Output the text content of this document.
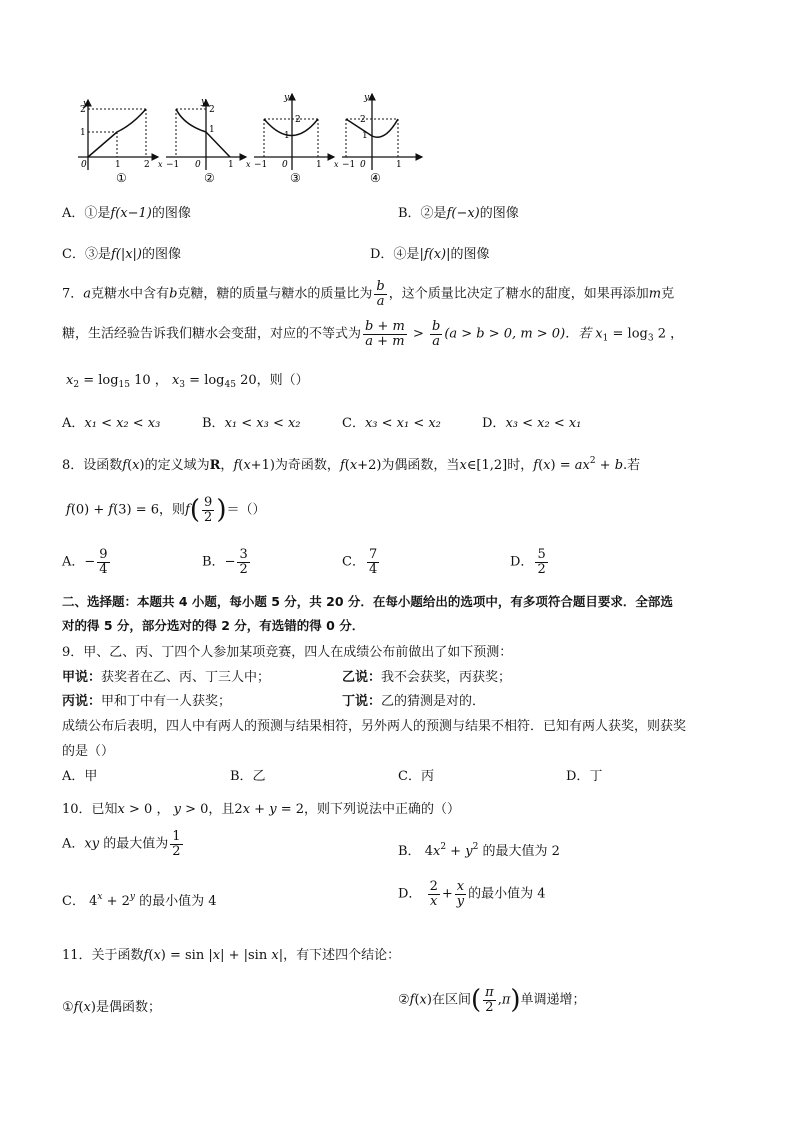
y
2
1
0	1	2
①
y
2
1
x −1 0	1
②
y
2
1
x −1 0	1
③
y
2
1
x −1 0	1
④
A．①是f(x−1)的图像	B．②是f(−x)的图像
C．③是f(|x|)的图像	D．④是|f(x)|的图像
7．a克糖水中含有b克糖，糖的质量与糖水的质量比为 $\frac{b}{a}$ ，这个质量比决定了糖水的甜度，如果再添加m克
糖，生活经验告诉我们糖水会变甜，对应的不等式为 $\frac{b + m}{a + m} > \frac{b}{a} (a > b > 0$, m > 0)．若 $x_1 = \log_3 2$ ，
$x_2 = \log_{15} 10$ ， $x_3 = \log_{45} 20$，则（）
A．x₁ < x₂ < x₃	B．x₁ < x₃ < x₂	C．x₃ < x₁ < x₂	D．x₃ < x₂ < x₁
8．设函数f(x)的定义域为R，f(x+1)为奇函数，f(x+2)为偶函数，当x∈[1,2]时，$f(x) = ax^2 + b$.若
f(0) + f(3) = 6，则$f( \frac{9}{2}$ )＝（）
A．− $\frac{9}{4}$	B．− $\frac{3}{2}$	C． $\frac{7}{4}$	D． $\frac{5}{2}$
二、选择题：本题共 4 小题，每小题 5 分，共 20 分．在每小题给出的选项中，有多项符合题目要求．全部选
对的得 5 分，部分选对的得 2 分，有选错的得 0 分．
9．甲、乙、丙、丁四个人参加某项竞赛，四人在成绩公布前做出了如下预测：
甲说：获奖者在乙、丙、丁三人中；	乙说：我不会获奖，丙获奖；
丙说：甲和丁中有一人获奖；	丁说：乙的猜测是对的．
成绩公布后表明，四人中有两人的预测与结果相符，另外两人的预测与结果不相符．已知有两人获奖，则获奖
的是（）
A．甲	B．乙	C．丙	D．丁
10．已知x > 0 ， y > 0，且2x + y = 2，则下列说法中正确的（）
A．xy 的最大值为 $\frac{1}{2}$	B． $4x^2 + y^2$ 的最大值为 2
C． $4^x + 2^y$ 的最小值为 4	D． $\frac{2}{x} + \frac{x}{y}$ 的最小值为 4
11．关于函数f(x) = sin |x| + |sin x|，有下述四个结论：
①f(x)是偶函数；	②f(x)在区间( $\frac{\pi}{2} ,\pi$)单调递增；
